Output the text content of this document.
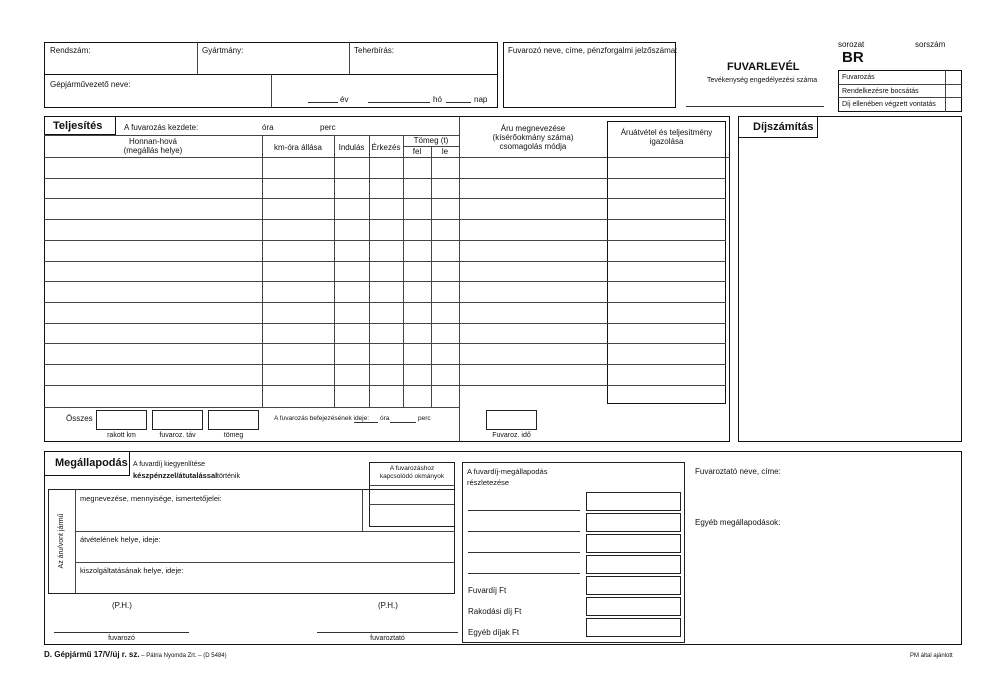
Rendszám:	Gyártmány:	Teherbírás:
Gépjárművezető neve:
év	hó	nap
Fuvarozó neve, címe, pénzforgalmi jelzőszáma:
FUVARLEVÉL
Tevékenység engedélyezési száma
sorozat	sorszám
BR
Fuvarozás
Rendelkezésre bocsátás
Díj ellenében végzett vontatás
Teljesítés	A fuvarozás kezdete:	óra	perc
Honnan-hová
(megállás helye)	km-óra állása	Indulás Érkezés
Tömeg (t)
fel	le
Áru megnevezése
(kísérőokmány száma)
csomagolás módja
Áruátvétel és teljesítmény
igazolása
Összes
rakott km	fuvaroz. táv	tömeg
A fuvarozás befejezésének ideje: óra	perc
Fuvaroz. idő
Díjszámítás
Megállapodás A fuvardíj kiegyenlítése
készpénzzel/átutalással történik
A fuvarozáshoz
kapcsolódó okmányok
Az áru/vont jármű
megnevezése, mennyisége, ismertetőjelei:
átvételének helye, ideje:
kiszolgáltatásának helye, ideje:
(P.H.)	(P.H.)
fuvarozó	fuvaroztató
A fuvardíj-megállapodás
részletezése
Fuvardíj Ft
Rakodási díj Ft
Egyéb díjak Ft
Fuvaroztató neve, címe:
Egyéb megállapodások:
D. Gépjármű 17/V/új r. sz. – Pátria Nyomda Zrt. – (D 5484)	PM által ajánlott
